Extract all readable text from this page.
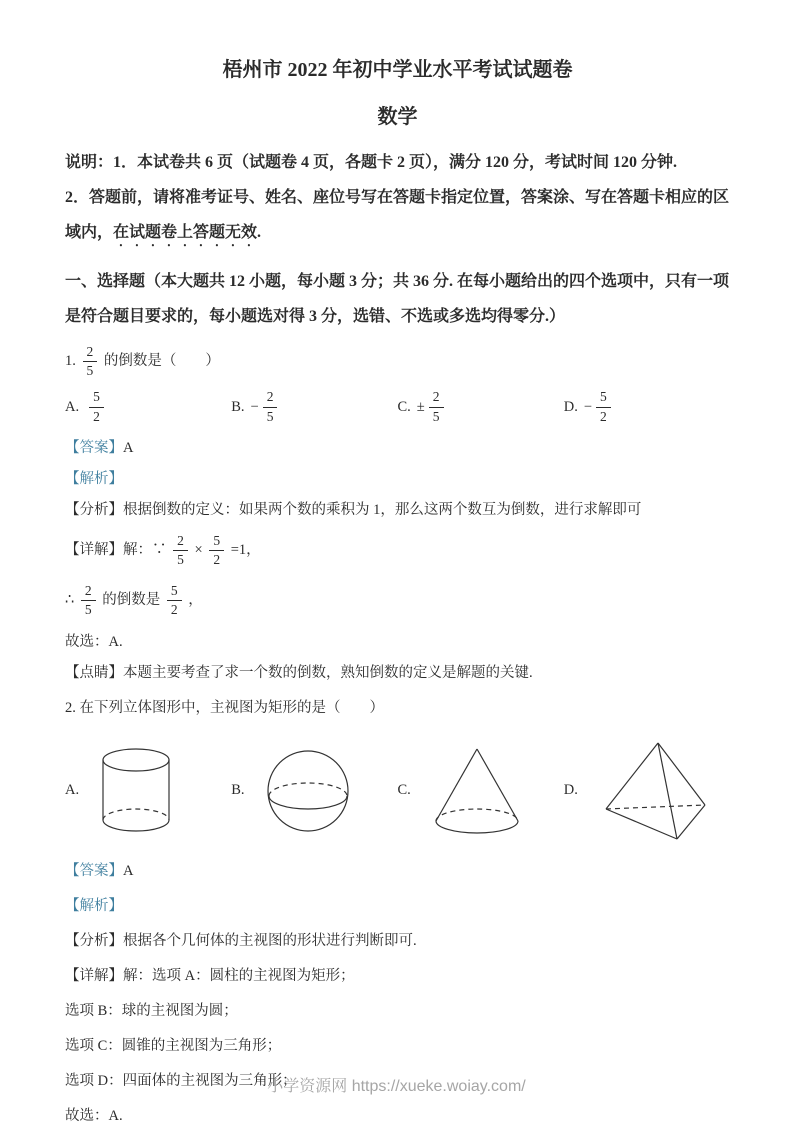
梧州市 2022 年初中学业水平考试试题卷
数学

说明：1．本试卷共 6 页（试题卷 4 页，各题卡 2 页），满分 120 分，考试时间 120 分钟.

2．答题前，请将准考证号、姓名、座位号写在答题卡指定位置，答案涂、写在答题卡相应的区域内，在试题卷上答题无效.

一、选择题（本大题共 12 小题，每小题 3 分；共 36 分. 在每小题给出的四个选项中，只有一项是符合题目要求的，每小题选对得 3 分，选错、不选或多选均得零分.）

1. $\frac{2}{5}$ 的倒数是（　　）

A. $\frac{5}{2}$	B. − $\frac{2}{5}$	C. ± $\frac{2}{5}$	D. − $\frac{5}{2}$

【答案】A

【解析】

【分析】根据倒数的定义：如果两个数的乘积为 1，那么这两个数互为倒数，进行求解即可

【详解】解：∵ $\frac{2}{5} \times \frac{5}{2} =1$，

∴ $\frac{2}{5}$ 的倒数是 $\frac{5}{2}$ ，

故选：A.

【点睛】本题主要考查了求一个数的倒数，熟知倒数的定义是解题的关键.

2. 在下列立体图形中，主视图为矩形的是（　　）

A.	B.	C.	D.

【答案】A

【解析】

【分析】根据各个几何体的主视图的形状进行判断即可.

【详解】解：选项 A：圆柱的主视图为矩形；

选项 B：球的主视图为圆；

选项 C：圆锥的主视图为三角形；

选项 D：四面体的主视图为三角形；

故选：A.

小学资源网 https://xueke.woiay.com/
